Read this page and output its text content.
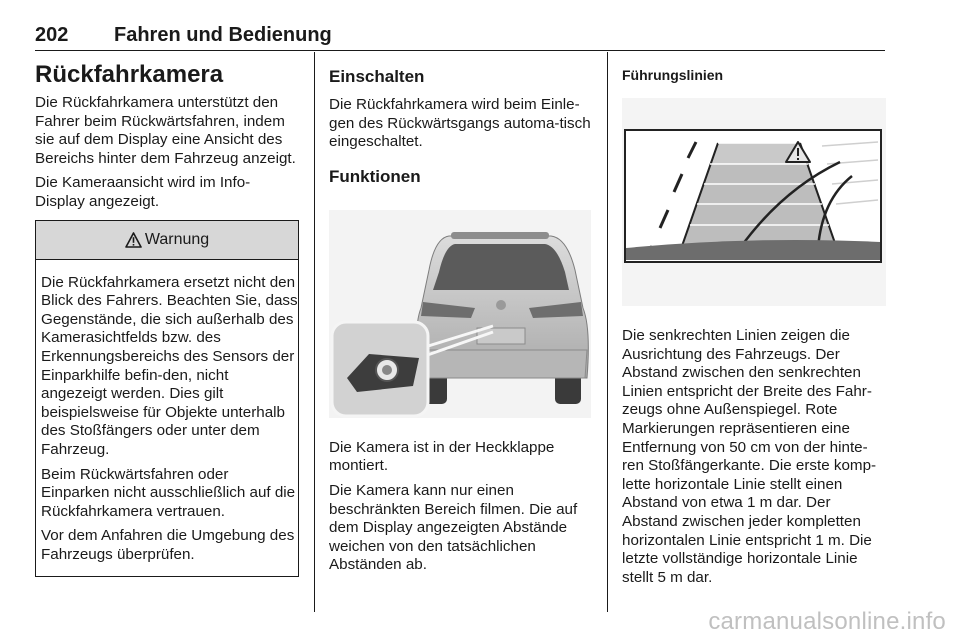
202 Fahren und Bedienung
Rückfahrkamera

Die Rückfahrkamera unterstützt den Fahrer beim Rückwärtsfahren, indem sie auf dem Display eine Ansicht des Bereichs hinter dem Fahrzeug anzeigt.

Die Kameraansicht wird im Info-Display angezeigt.

Warnung

Die Rückfahrkamera ersetzt nicht den Blick des Fahrers. Beachten Sie, dass Gegenstände, die sich außerhalb des Kamerasichtfelds bzw. des Erkennungsbereichs des Sensors der Einparkhilfe befin-den, nicht angezeigt werden. Dies gilt beispielsweise für Objekte unterhalb des Stoßfängers oder unter dem Fahrzeug.

Beim Rückwärtsfahren oder Einparken nicht ausschließlich auf die Rückfahrkamera vertrauen.

Vor dem Anfahren die Umgebung des Fahrzeugs überprüfen.

Einschalten

Die Rückfahrkamera wird beim Einle-gen des Rückwärtsgangs automa-tisch eingeschaltet.

Funktionen

Die Kamera ist in der Heckklappe montiert.

Die Kamera kann nur einen beschränkten Bereich filmen. Die auf dem Display angezeigten Abstände weichen von den tatsächlichen Abständen ab.

Führungslinien

Die senkrechten Linien zeigen die Ausrichtung des Fahrzeugs. Der Abstand zwischen den senkrechten Linien entspricht der Breite des Fahr-zeugs ohne Außenspiegel. Rote Markierungen repräsentieren eine Entfernung von 50 cm von der hinte-ren Stoßfängerkante. Die erste komp-lette horizontale Linie stellt einen Abstand von etwa 1 m dar. Der Abstand zwischen jeder kompletten horizontalen Linie entspricht 1 m. Die letzte vollständige horizontale Linie stellt 5 m dar.

carmanualsonline.info
